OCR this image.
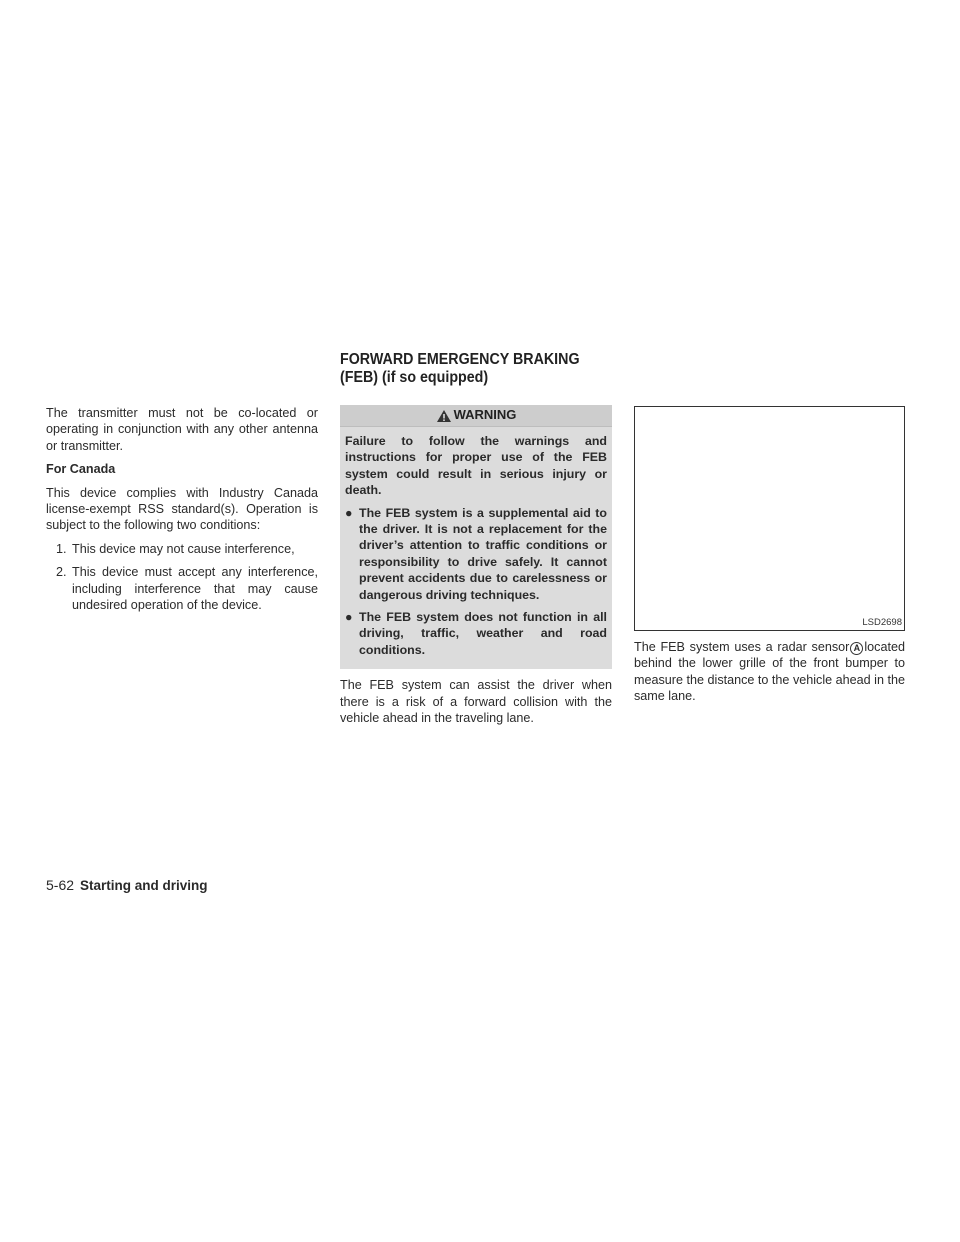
FORWARD EMERGENCY BRAKING
(FEB) (if so equipped)

The transmitter must not be co-located or operating in conjunction with any other antenna or transmitter.

For Canada

This device complies with Industry Canada license-exempt RSS standard(s). Operation is subject to the following two conditions:

1. This device may not cause interference,
2. This device must accept any interference, including interference that may cause undesired operation of the device.
WARNING

Failure to follow the warnings and instructions for proper use of the FEB system could result in serious injury or death.

● The FEB system is a supplemental aid to the driver. It is not a replacement for the driver’s attention to traffic conditions or responsibility to drive safely. It cannot prevent accidents due to carelessness or dangerous driving techniques.
● The FEB system does not function in all driving, traffic, weather and road conditions.

The FEB system can assist the driver when there is a risk of a forward collision with the vehicle ahead in the traveling lane.

LSD2698

The FEB system uses a radar sensor A located behind the lower grille of the front bumper to measure the distance to the vehicle ahead in the same lane.

5-62 Starting and driving
